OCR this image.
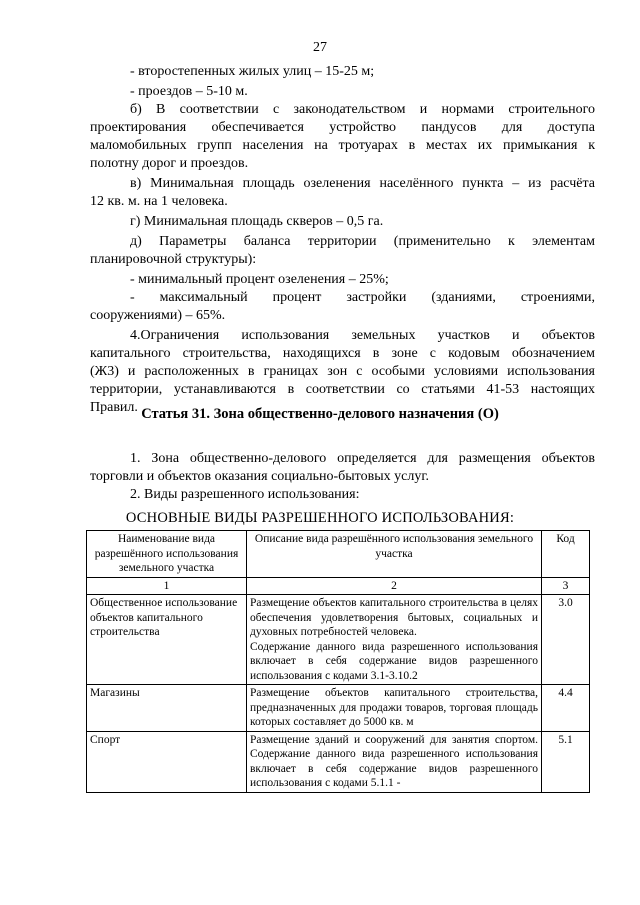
27
- второстепенных жилых улиц – 15-25 м;
- проездов – 5-10 м.
б) В соответствии с законодательством и нормами строительного
проектирования обеспечивается устройство пандусов для доступа
маломобильных групп населения на тротуарах в местах их примыкания к
полотну дорог и проездов.
в) Минимальная площадь озеленения населённого пункта – из расчёта
12 кв. м. на 1 человека.
г) Минимальная площадь скверов – 0,5 га.
д) Параметры баланса территории (применительно к элементам
планировочной структуры):
- минимальный процент озеленения – 25%;
- максимальный процент застройки (зданиями, строениями,
сооружениями) – 65%.
4.Ограничения использования земельных участков и объектов
капитального строительства, находящихся в зоне с кодовым обозначением
(Ж3) и расположенных в границах зон с особыми условиями использования
территории, устанавливаются в соответствии со статьями 41-53 настоящих
Правил. Статья 31. Зона общественно-делового назначения (О)
1. Зона общественно-делового определяется для размещения объектов
торговли и объектов оказания социально-бытовых услуг.
2. Виды разрешенного использования:
ОСНОВНЫЕ ВИДЫ РАЗРЕШЕННОГО ИСПОЛЬЗОВАНИЯ:
Наименование вида разрешённого использования земельного участка	Описание вида разрешённого использования земельного участка	Код
1	2	3
Общественное использование объектов капитального строительства	Размещение объектов капитального строительства в целях обеспечения удовлетворения бытовых, социальных и духовных потребностей человека.
Содержание данного вида разрешенного использования включает в себя содержание видов разрешенного использования с кодами 3.1-3.10.2	3.0
Магазины	Размещение объектов капитального строительства, предназначенных для продажи товаров, торговая площадь которых составляет до 5000 кв. м	4.4
Спорт	Размещение зданий и сооружений для занятия спортом. Содержание данного вида разрешенного использования включает в себя содержание видов разрешенного использования с кодами 5.1.1 -	5.1
